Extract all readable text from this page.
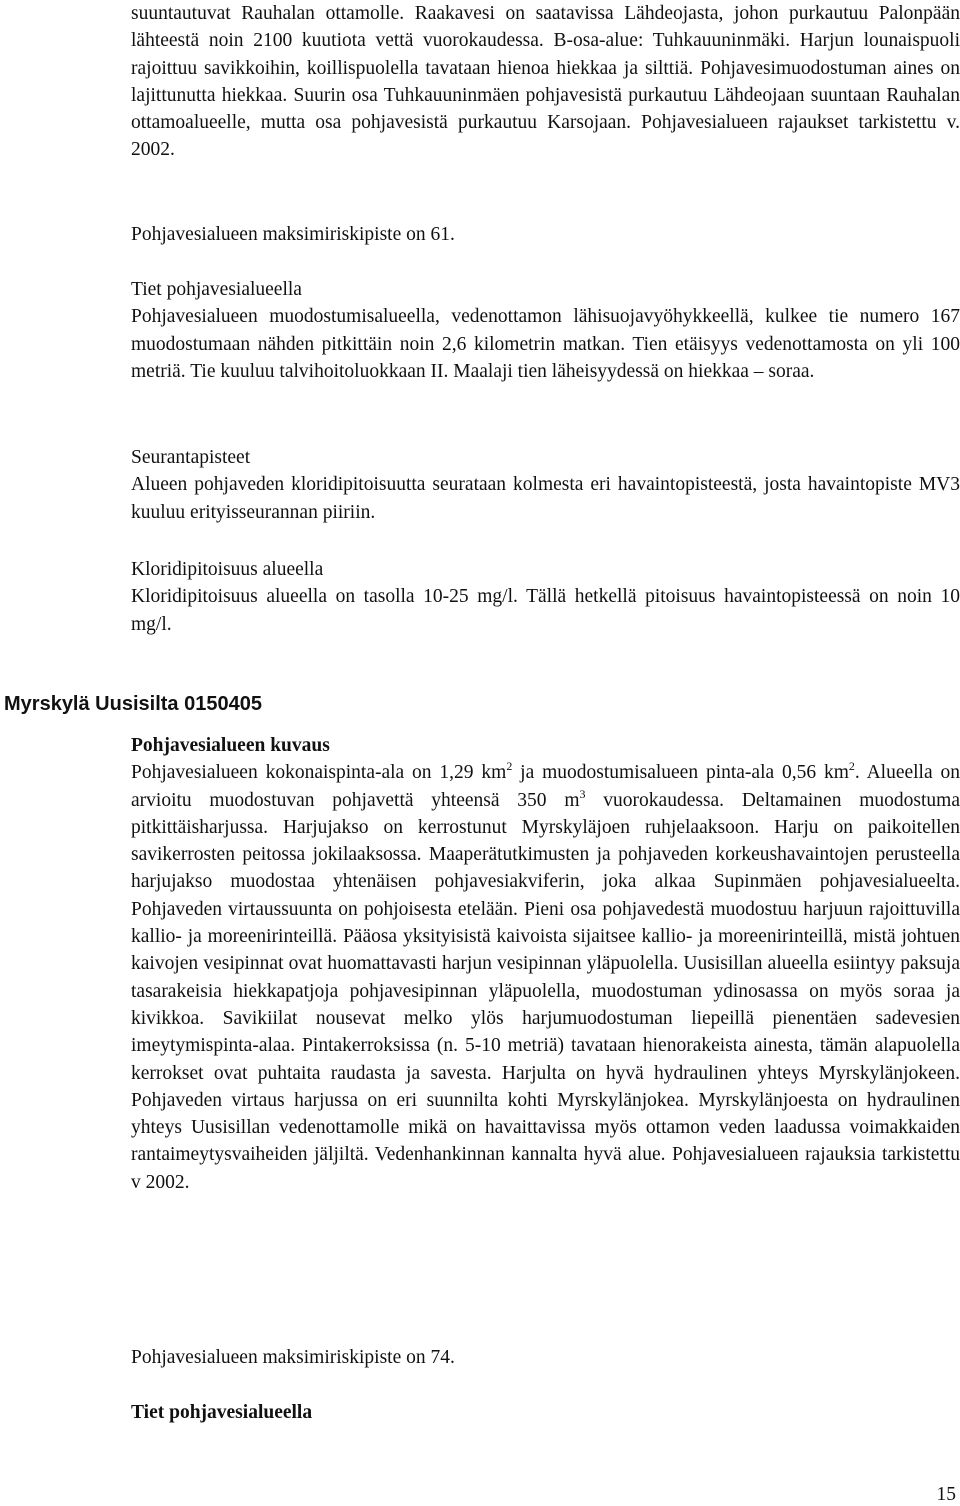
suuntautuvat Rauhalan ottamolle. Raakavesi on saatavissa Lähdeojasta, johon purkautuu Palonpään lähteestä noin 2100 kuutiota vettä vuorokaudessa. B-osa-alue: Tuhkauuninmäki. Harjun lounaispuoli rajoittuu savikkoihin, koillispuolella tavataan hienoa hiekkaa ja silttiä. Pohjavesimuodostuman aines on lajittunutta hiekkaa. Suurin osa Tuhkauuninmäen pohjavesistä purkautuu Lähdeojaan suuntaan Rauhalan ottamoalueelle, mutta osa pohjavesistä purkautuu Karsojaan. Pohjavesialueen rajaukset tarkistettu v. 2002.

Pohjavesialueen maksimiriskipiste on 61.

Tiet pohjavesialueella

Pohjavesialueen muodostumisalueella, vedenottamon lähisuojavyöhykkeellä, kulkee tie numero 167 muodostumaan nähden pitkittäin noin 2,6 kilometrin matkan. Tien etäisyys vedenottamosta on yli 100 metriä. Tie kuuluu talvihoitoluokkaan II. Maalaji tien läheisyydessä on hiekkaa – soraa.

Seurantapisteet

Alueen pohjaveden kloridipitoisuutta seurataan kolmesta eri havaintopisteestä, josta havaintopiste MV3 kuuluu erityisseurannan piiriin.

Kloridipitoisuus alueella

Kloridipitoisuus alueella on tasolla 10-25 mg/l. Tällä hetkellä pitoisuus havaintopisteessä on noin 10 mg/l.

Myrskylä Uusisilta 0150405

Pohjavesialueen kuvaus

Pohjavesialueen kokonaispinta-ala on 1,29 $km^2$ ja muodostumisalueen pinta-ala 0,56 $km^2$. Alueella on arvioitu muodostuvan pohjavettä yhteensä 350 $m^3$ vuorokaudessa. Deltamainen muodostuma pitkittäisharjussa. Harjujakso on kerrostunut Myrskyläjoen ruhjelaaksoon. Harju on paikoitellen savikerrosten peitossa jokilaaksossa. Maaperätutkimusten ja pohjaveden korkeushavaintojen perusteella harjujakso muodostaa yhtenäisen pohjavesiakviferin, joka alkaa Supinmäen pohjavesialueelta. Pohjaveden virtaussuunta on pohjoisesta etelään. Pieni osa pohjavedestä muodostuu harjuun rajoittuvilla kallio- ja moreenirinteillä. Pääosa yksityisistä kaivoista sijaitsee kallio- ja moreenirinteillä, mistä johtuen kaivojen vesipinnat ovat huomattavasti harjun vesipinnan yläpuolella. Uusisillan alueella esiintyy paksuja tasarakeisia hiekkapatjoja pohjavesipinnan yläpuolella, muodostuman ydinosassa on myös soraa ja kivikkoa. Savikiilat nousevat melko ylös harjumuodostuman liepeillä pienentäen sadevesien imeytymispinta-alaa. Pintakerroksissa (n. 5-10 metriä) tavataan hienorakeista ainesta, tämän alapuolella kerrokset ovat puhtaita raudasta ja savesta. Harjulta on hyvä hydraulinen yhteys Myrskylänjokeen. Pohjaveden virtaus harjussa on eri suunnilta kohti Myrskylänjokea. Myrskylänjoesta on hydraulinen yhteys Uusisillan vedenottamolle mikä on havaittavissa myös ottamon veden laadussa voimakkaiden rantaimeytysvaiheiden jäljiltä. Vedenhankinnan kannalta hyvä alue. Pohjavesialueen rajauksia tarkistettu v 2002.

Pohjavesialueen maksimiriskipiste on 74.

Tiet pohjavesialueella

15
